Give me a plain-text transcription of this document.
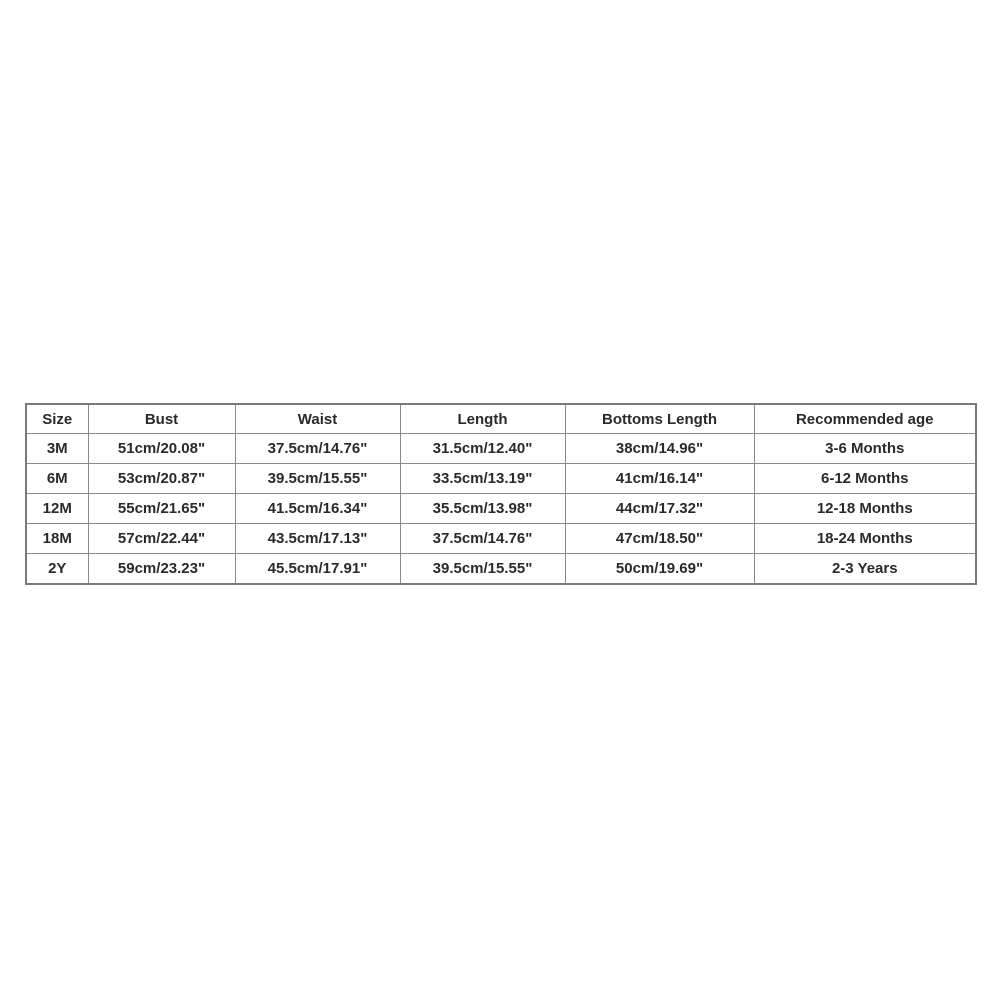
Size	Bust	Waist	Length	Bottoms Length	Recommended age
3M	51cm/20.08"	37.5cm/14.76"	31.5cm/12.40"	38cm/14.96"	3-6 Months
6M	53cm/20.87"	39.5cm/15.55"	33.5cm/13.19"	41cm/16.14"	6-12 Months
12M	55cm/21.65"	41.5cm/16.34"	35.5cm/13.98"	44cm/17.32"	12-18 Months
18M	57cm/22.44"	43.5cm/17.13"	37.5cm/14.76"	47cm/18.50"	18-24 Months
2Y	59cm/23.23"	45.5cm/17.91"	39.5cm/15.55"	50cm/19.69"	2-3 Years
